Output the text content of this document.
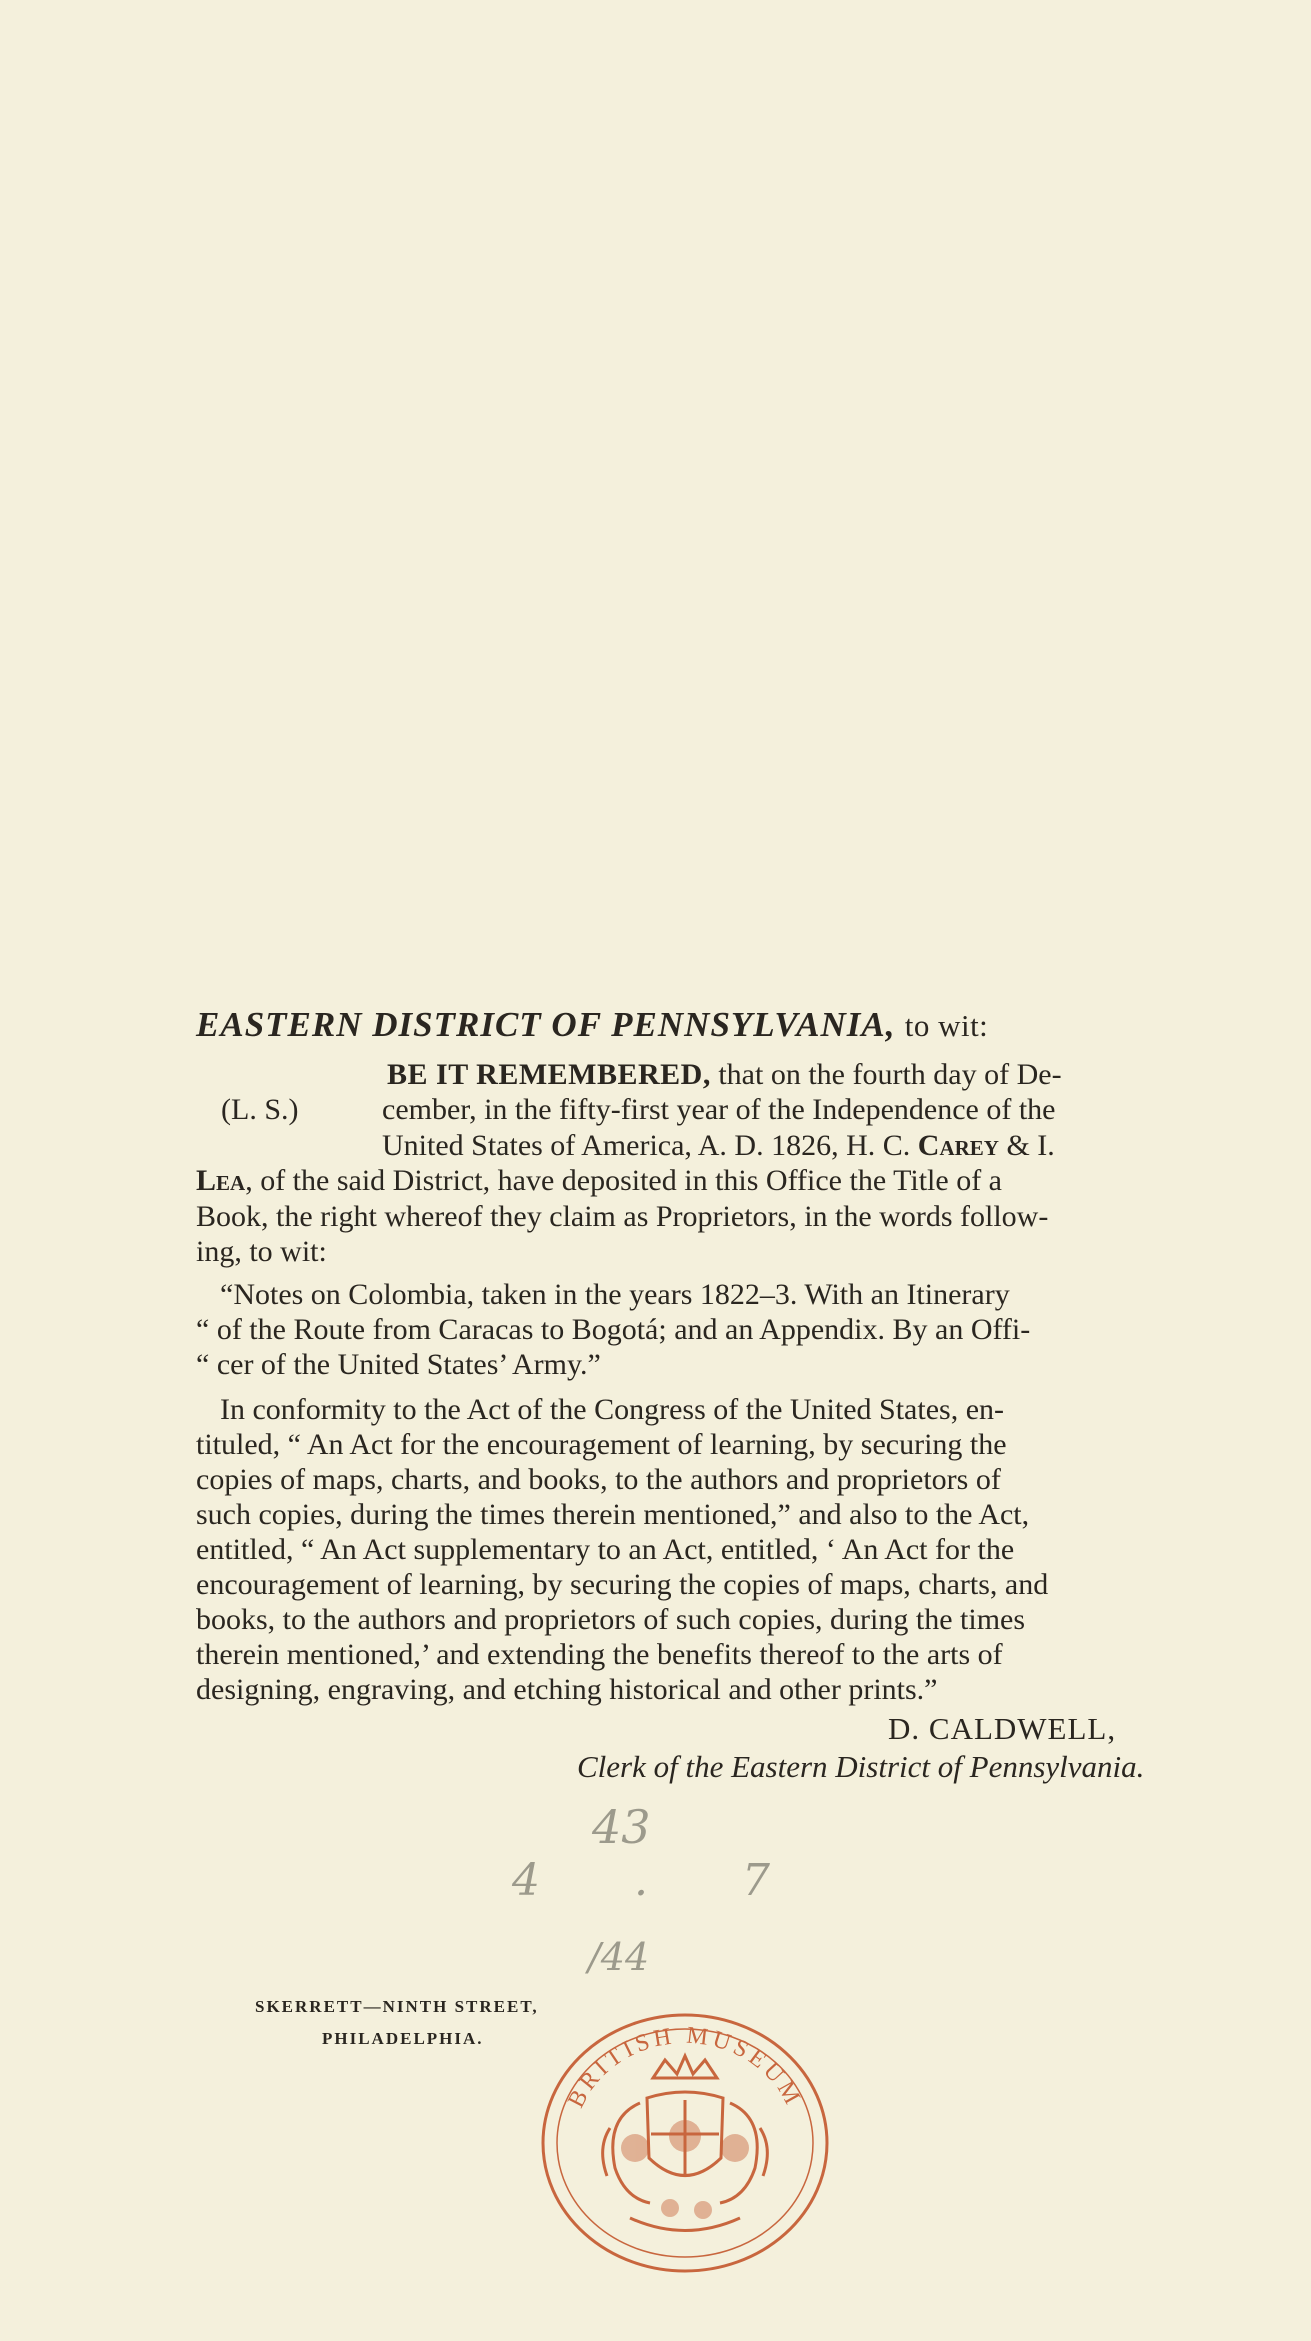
EASTERN DISTRICT OF PENNSYLVANIA, to wit:
(L. S.)
BE IT REMEMBERED, that on the fourth day of De-
cember, in the fifty-first year of the Independence of the
United States of America, A. D. 1826, H. C. Carey & I.
Lea, of the said District, have deposited in this Office the Title of a
Book, the right whereof they claim as Proprietors, in the words follow-
ing, to wit:
“Notes on Colombia, taken in the years 1822–3. With an Itinerary
“ of the Route from Caracas to Bogotá; and an Appendix. By an Offi-
“ cer of the United States’ Army.”
In conformity to the Act of the Congress of the United States, en-
tituled, “ An Act for the encouragement of learning, by securing the
copies of maps, charts, and books, to the authors and proprietors of
such copies, during the times therein mentioned,” and also to the Act,
entitled, “ An Act supplementary to an Act, entitled, ‘ An Act for the
encouragement of learning, by securing the copies of maps, charts, and
books, to the authors and proprietors of such copies, during the times
therein mentioned,’ and extending the benefits thereof to the arts of
designing, engraving, and etching historical and other prints.”
D. CALDWELL,
Clerk of the Eastern District of Pennsylvania.
43
4 . 7
/44
SKERRETT—NINTH STREET,
PHILADELPHIA.
BRITISH MUSEUM
